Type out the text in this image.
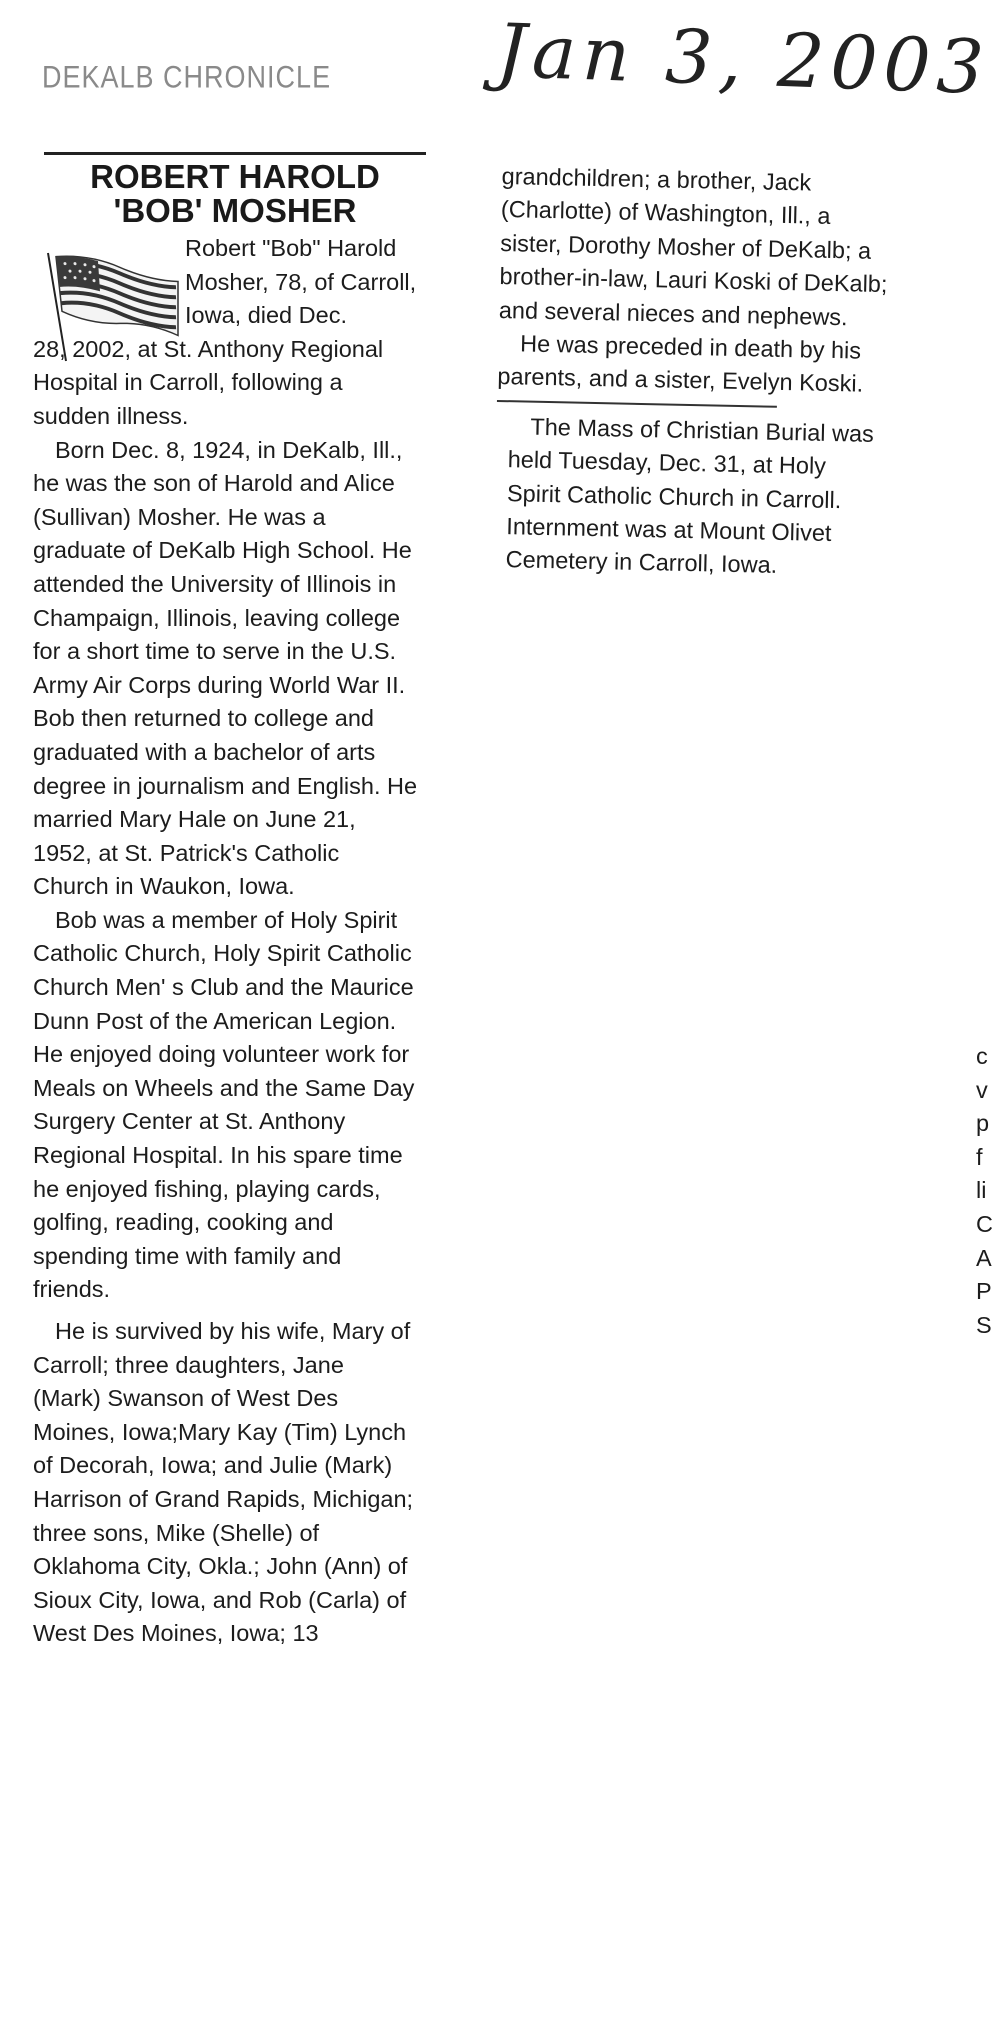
DEKALB CHRONICLE Jan 3, 2003
ROBERT HAROLD
'BOB' MOSHER

Robert "Bob" Harold Mosher, 78, of Carroll, Iowa, died Dec.

28, 2002, at St. Anthony Regional Hospital in Carroll, following a sudden illness.

Born Dec. 8, 1924, in DeKalb, Ill., he was the son of Harold and Alice (Sullivan) Mosher. He was a graduate of DeKalb High School. He attended the University of Illinois in Champaign, Illinois, leaving college for a short time to serve in the U.S. Army Air Corps during World War II. Bob then returned to college and graduated with a bachelor of arts degree in journalism and English. He married Mary Hale on June 21, 1952, at St. Patrick's Catholic Church in Waukon, Iowa.

Bob was a member of Holy Spirit Catholic Church, Holy Spirit Catholic Church Men' s Club and the Maurice Dunn Post of the American Legion. He enjoyed doing volunteer work for Meals on Wheels and the Same Day Surgery Center at St. Anthony Regional Hospital. In his spare time he enjoyed fishing, playing cards, golfing, reading, cooking and spending time with family and friends.

He is survived by his wife, Mary of Carroll; three daughters, Jane (Mark) Swanson of West Des Moines, Iowa;Mary Kay (Tim) Lynch of Decorah, Iowa; and Julie (Mark) Harrison of Grand Rapids, Michigan; three sons, Mike (Shelle) of Oklahoma City, Okla.; John (Ann) of Sioux City, Iowa, and Rob (Carla) of West Des Moines, Iowa; 13

grandchildren; a brother, Jack (Charlotte) of Washington, Ill., a sister, Dorothy Mosher of DeKalb; a brother-in-law, Lauri Koski of DeKalb; and several nieces and nephews.

He was preceded in death by his parents, and a sister, Evelyn Koski.

The Mass of Christian Burial was held Tuesday, Dec. 31, at Holy Spirit Catholic Church in Carroll. Internment was at Mount Olivet Cemetery in Carroll, Iowa.

c
v
p
f
li
C
A
P
S
